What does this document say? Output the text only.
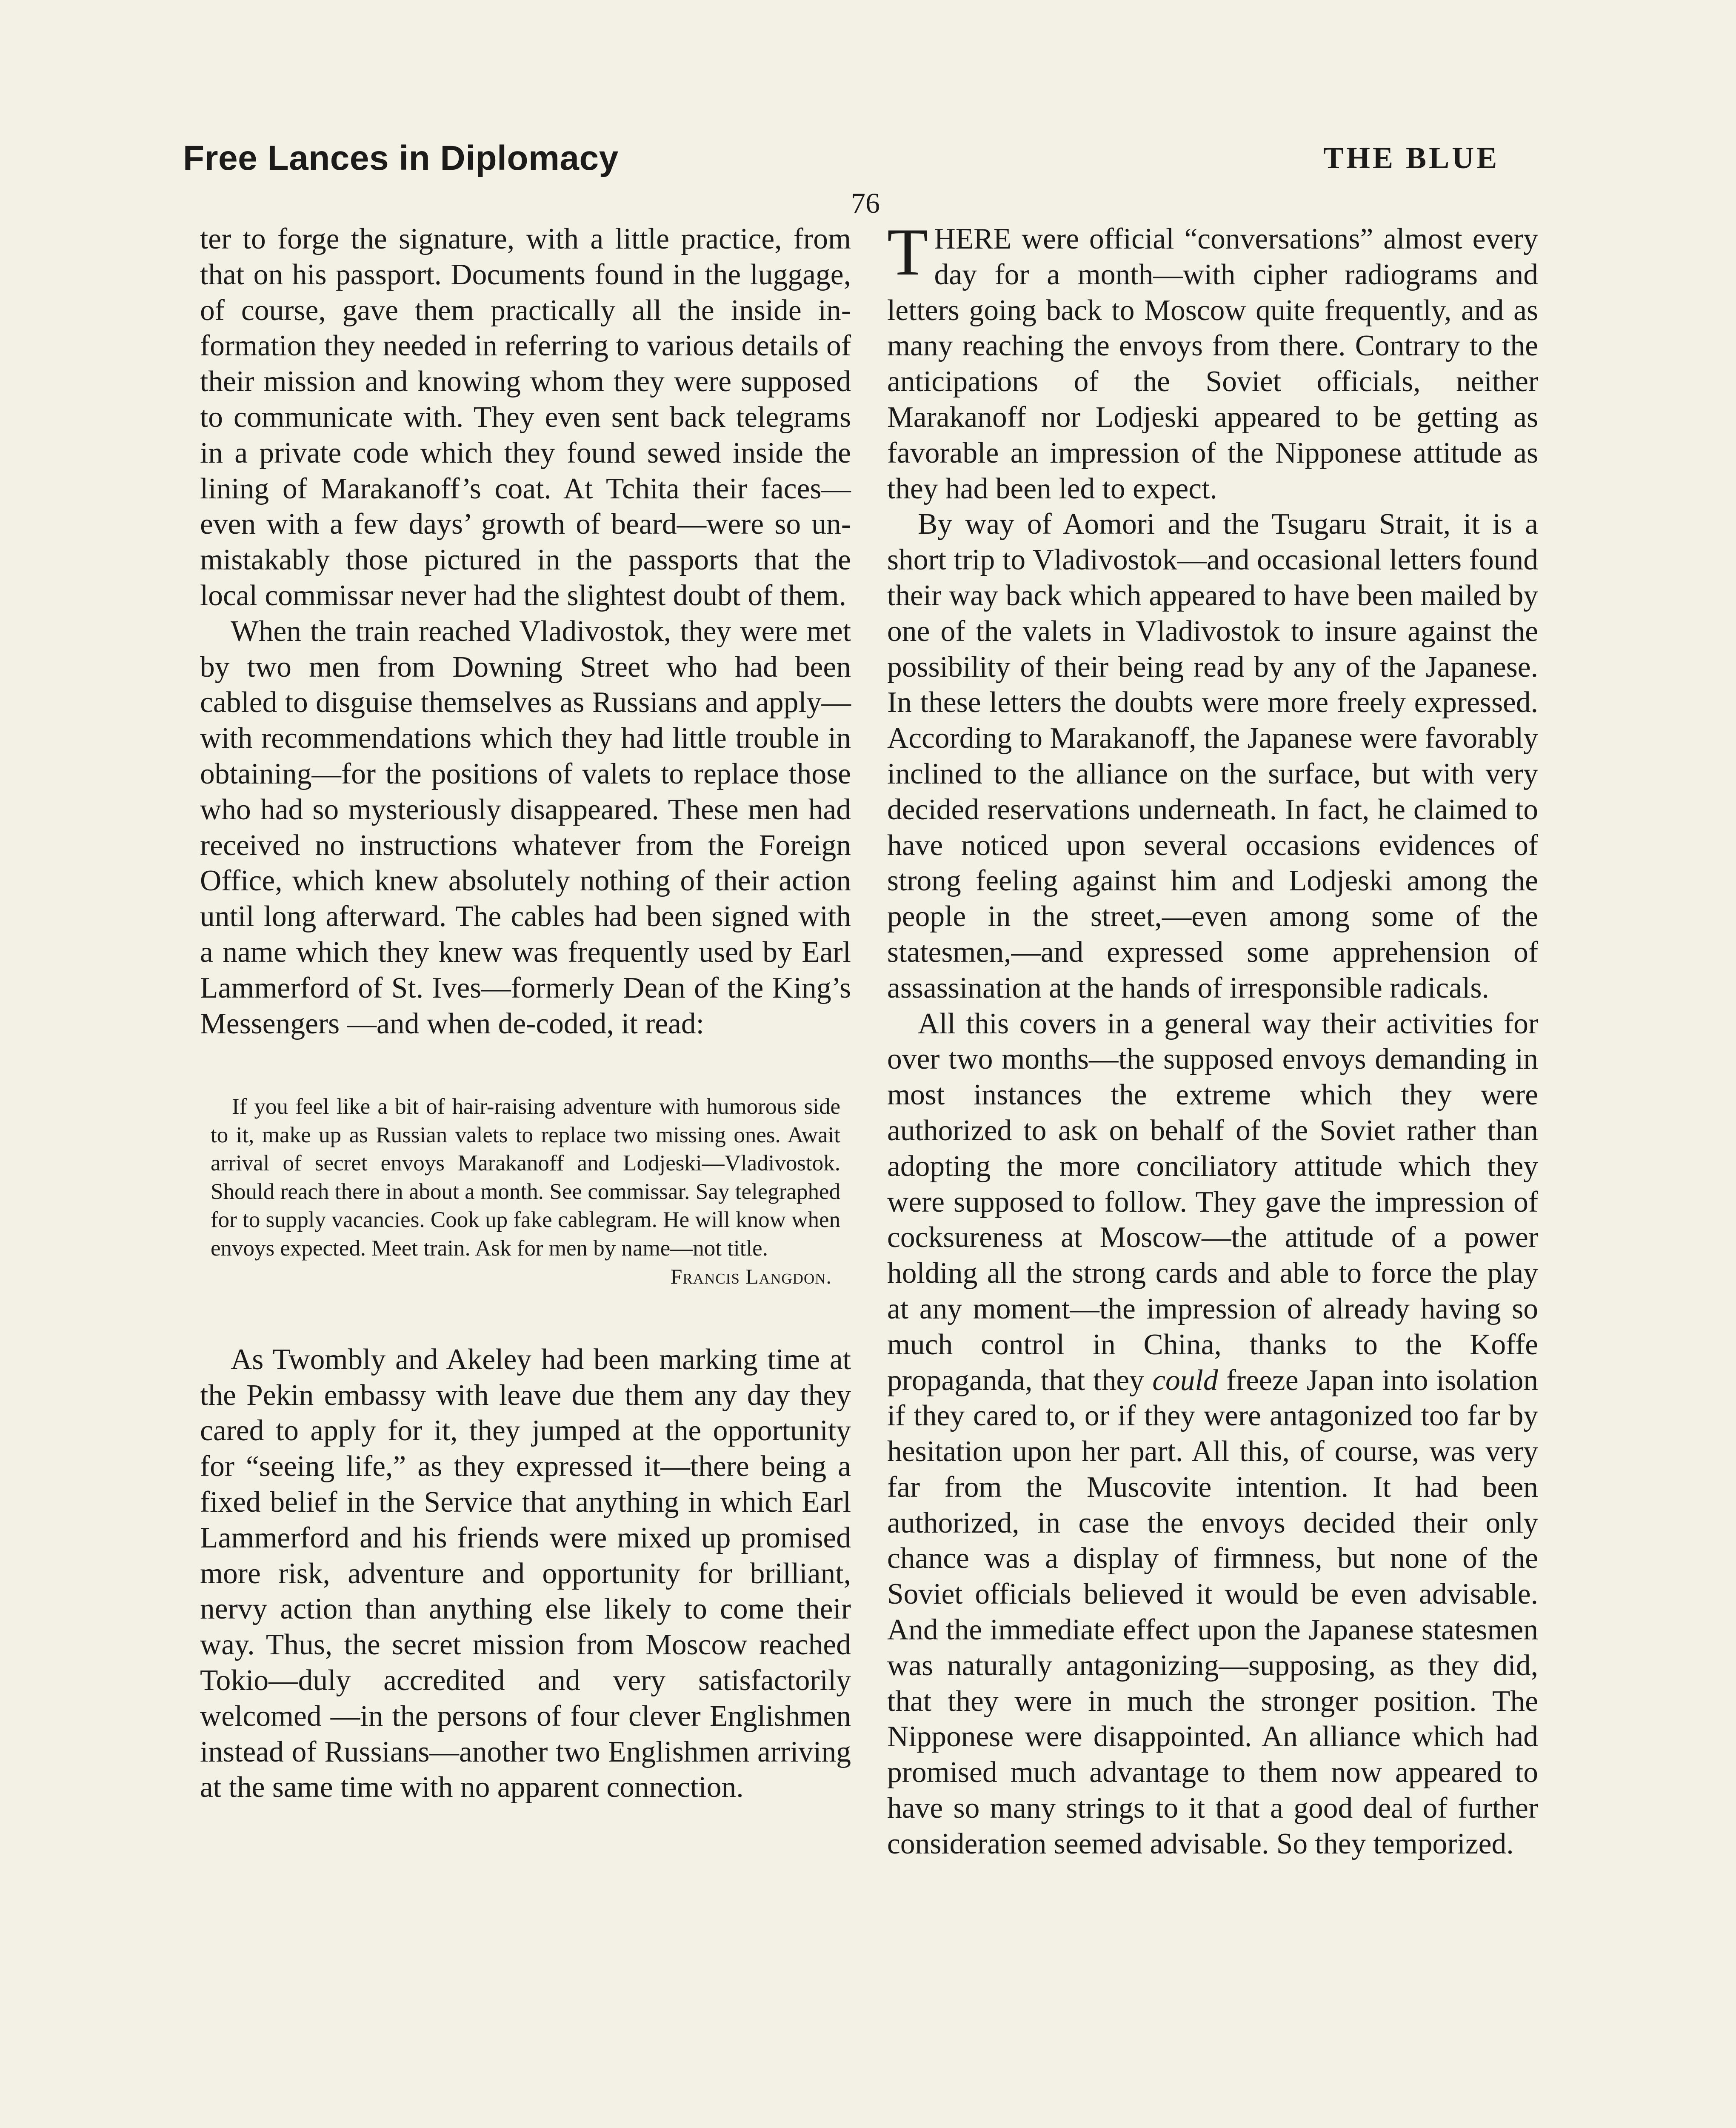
Free Lances in Diplomacy	THE BLUE
76

ter to forge the signature, with a little practice, from that on his passport. Documents found in the luggage, of course, gave them practically all the inside information they needed in referring to various details of their mission and knowing whom they were supposed to communicate with. They even sent back telegrams in a private code which they found sewed inside the lining of Marakanoff’s coat. At Tchita their faces—even with a few days’ growth of beard—were so unmistakably those pictured in the passports that the local commissar never had the slightest doubt of them.

When the train reached Vladivostok, they were met by two men from Downing Street who had been cabled to disguise themselves as Russians and apply—with recommendations which they had little trouble in obtaining—for the positions of valets to replace those who had so mysteriously disappeared. These men had received no instructions whatever from the Foreign Office, which knew absolutely nothing of their action until long afterward. The cables had been signed with a name which they knew was frequently used by Earl Lammerford of St. Ives—formerly Dean of the King’s Messengers —and when de-coded, it read:

If you feel like a bit of hair-raising adventure with humorous side to it, make up as Russian valets to replace two missing ones. Await arrival of secret envoys Marakanoff and Lodjeski—Vladivostok. Should reach there in about a month. See commissar. Say telegraphed for to supply vacancies. Cook up fake cablegram. He will know when envoys expected. Meet train. Ask for men by name—not title.

Francis Langdon.

As Twombly and Akeley had been marking time at the Pekin embassy with leave due them any day they cared to apply for it, they jumped at the opportunity for “seeing life,” as they expressed it—there being a fixed belief in the Service that anything in which Earl Lammerford and his friends were mixed up promised more risk, adventure and opportunity for brilliant, nervy action than anything else likely to come their way. Thus, the secret mission from Moscow reached Tokio—duly accredited and very satisfactorily welcomed —in the persons of four clever Englishmen instead of Russians—another two Englishmen arriving at the same time with no apparent connection.

THERE were official “conversations” almost every day for a month—with cipher radiograms and letters going back to Moscow quite frequently, and as many reaching the envoys from there. Contrary to the anticipations of the Soviet officials, neither Marakanoff nor Lodjeski appeared to be getting as favorable an impression of the Nipponese attitude as they had been led to expect.

By way of Aomori and the Tsugaru Strait, it is a short trip to Vladivostok—and occasional letters found their way back which appeared to have been mailed by one of the valets in Vladivostok to insure against the possibility of their being read by any of the Japanese. In these letters the doubts were more freely expressed. According to Marakanoff, the Japanese were favorably inclined to the alliance on the surface, but with very decided reservations underneath. In fact, he claimed to have noticed upon several occasions evidences of strong feeling against him and Lodjeski among the people in the street,—even among some of the statesmen,—and expressed some apprehension of assassination at the hands of irresponsible radicals.

All this covers in a general way their activities for over two months—the supposed envoys demanding in most instances the extreme which they were authorized to ask on behalf of the Soviet rather than adopting the more conciliatory attitude which they were supposed to follow. They gave the impression of cocksureness at Moscow—the attitude of a power holding all the strong cards and able to force the play at any moment—the impression of already having so much control in China, thanks to the Koffe propaganda, that they could freeze Japan into isolation if they cared to, or if they were antagonized too far by hesitation upon her part. All this, of course, was very far from the Muscovite intention. It had been authorized, in case the envoys decided their only chance was a display of firmness, but none of the Soviet officials believed it would be even advisable. And the immediate effect upon the Japanese statesmen was naturally antagonizing—supposing, as they did, that they were in much the stronger position. The Nipponese were disappointed. An alliance which had promised much advantage to them now appeared to have so many strings to it that a good deal of further consideration seemed advisable. So they temporized.
